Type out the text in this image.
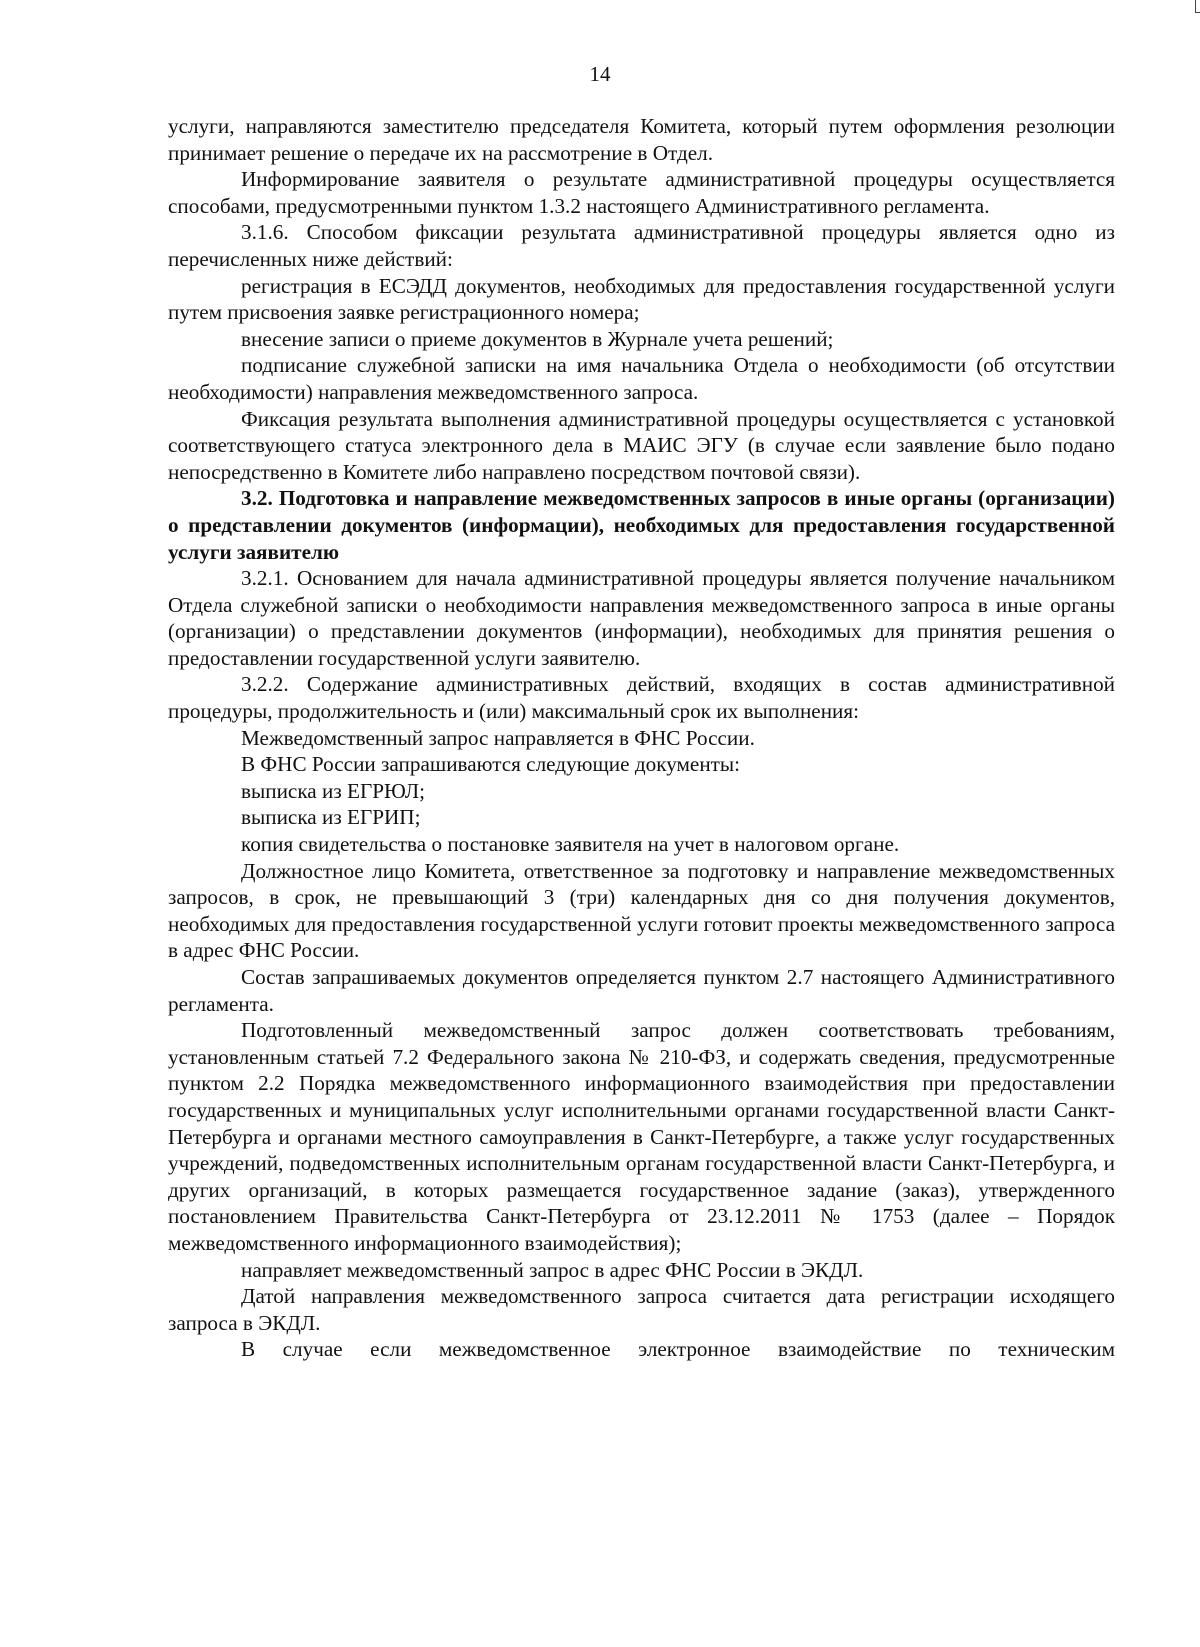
14

услуги, направляются заместителю председателя Комитета, который путем оформления резолюции принимает решение о передаче их на рассмотрение в Отдел.

Информирование заявителя о результате административной процедуры осуществляется способами, предусмотренными пунктом 1.3.2 настоящего Административного регламента.

3.1.6. Способом фиксации результата административной процедуры является одно из перечисленных ниже действий:

регистрация в ЕСЭДД документов, необходимых для предоставления государственной услуги путем присвоения заявке регистрационного номера;

внесение записи о приеме документов в Журнале учета решений;

подписание служебной записки на имя начальника Отдела о необходимости (об отсутствии необходимости) направления межведомственного запроса.

Фиксация результата выполнения административной процедуры осуществляется с установкой соответствующего статуса электронного дела в МАИС ЭГУ (в случае если заявление было подано непосредственно в Комитете либо направлено посредством почтовой связи).

3.2. Подготовка и направление межведомственных запросов в иные органы (организации) о представлении документов (информации), необходимых для предоставления государственной услуги заявителю

3.2.1. Основанием для начала административной процедуры является получение начальником Отдела служебной записки о необходимости направления межведомственного запроса в иные органы (организации) о представлении документов (информации), необходимых для принятия решения о предоставлении государственной услуги заявителю.

3.2.2. Содержание административных действий, входящих в состав административной процедуры, продолжительность и (или) максимальный срок их выполнения:

Межведомственный запрос направляется в ФНС России.

В ФНС России запрашиваются следующие документы:

выписка из ЕГРЮЛ;

выписка из ЕГРИП;

копия свидетельства о постановке заявителя на учет в налоговом органе.

Должностное лицо Комитета, ответственное за подготовку и направление межведомственных запросов, в срок, не превышающий 3 (три) календарных дня со дня получения документов, необходимых для предоставления государственной услуги готовит проекты межведомственного запроса в адрес ФНС России.

Состав запрашиваемых документов определяется пунктом 2.7 настоящего Административного регламента.

Подготовленный межведомственный запрос должен соответствовать требованиям, установленным статьей 7.2 Федерального закона № 210-ФЗ, и содержать сведения, предусмотренные пунктом 2.2 Порядка межведомственного информационного взаимодействия при предоставлении государственных и муниципальных услуг исполнительными органами государственной власти Санкт-Петербурга и органами местного самоуправления в Санкт-Петербурге, а также услуг государственных учреждений, подведомственных исполнительным органам государственной власти Санкт-Петербурга, и других организаций, в которых размещается государственное задание (заказ), утвержденного постановлением Правительства Санкт-Петербурга от 23.12.2011 № 1753 (далее – Порядок межведомственного информационного взаимодействия);

направляет межведомственный запрос в адрес ФНС России в ЭКДЛ.

Датой направления межведомственного запроса считается дата регистрации исходящего запроса в ЭКДЛ.

В случае если межведомственное электронное взаимодействие по техническим
